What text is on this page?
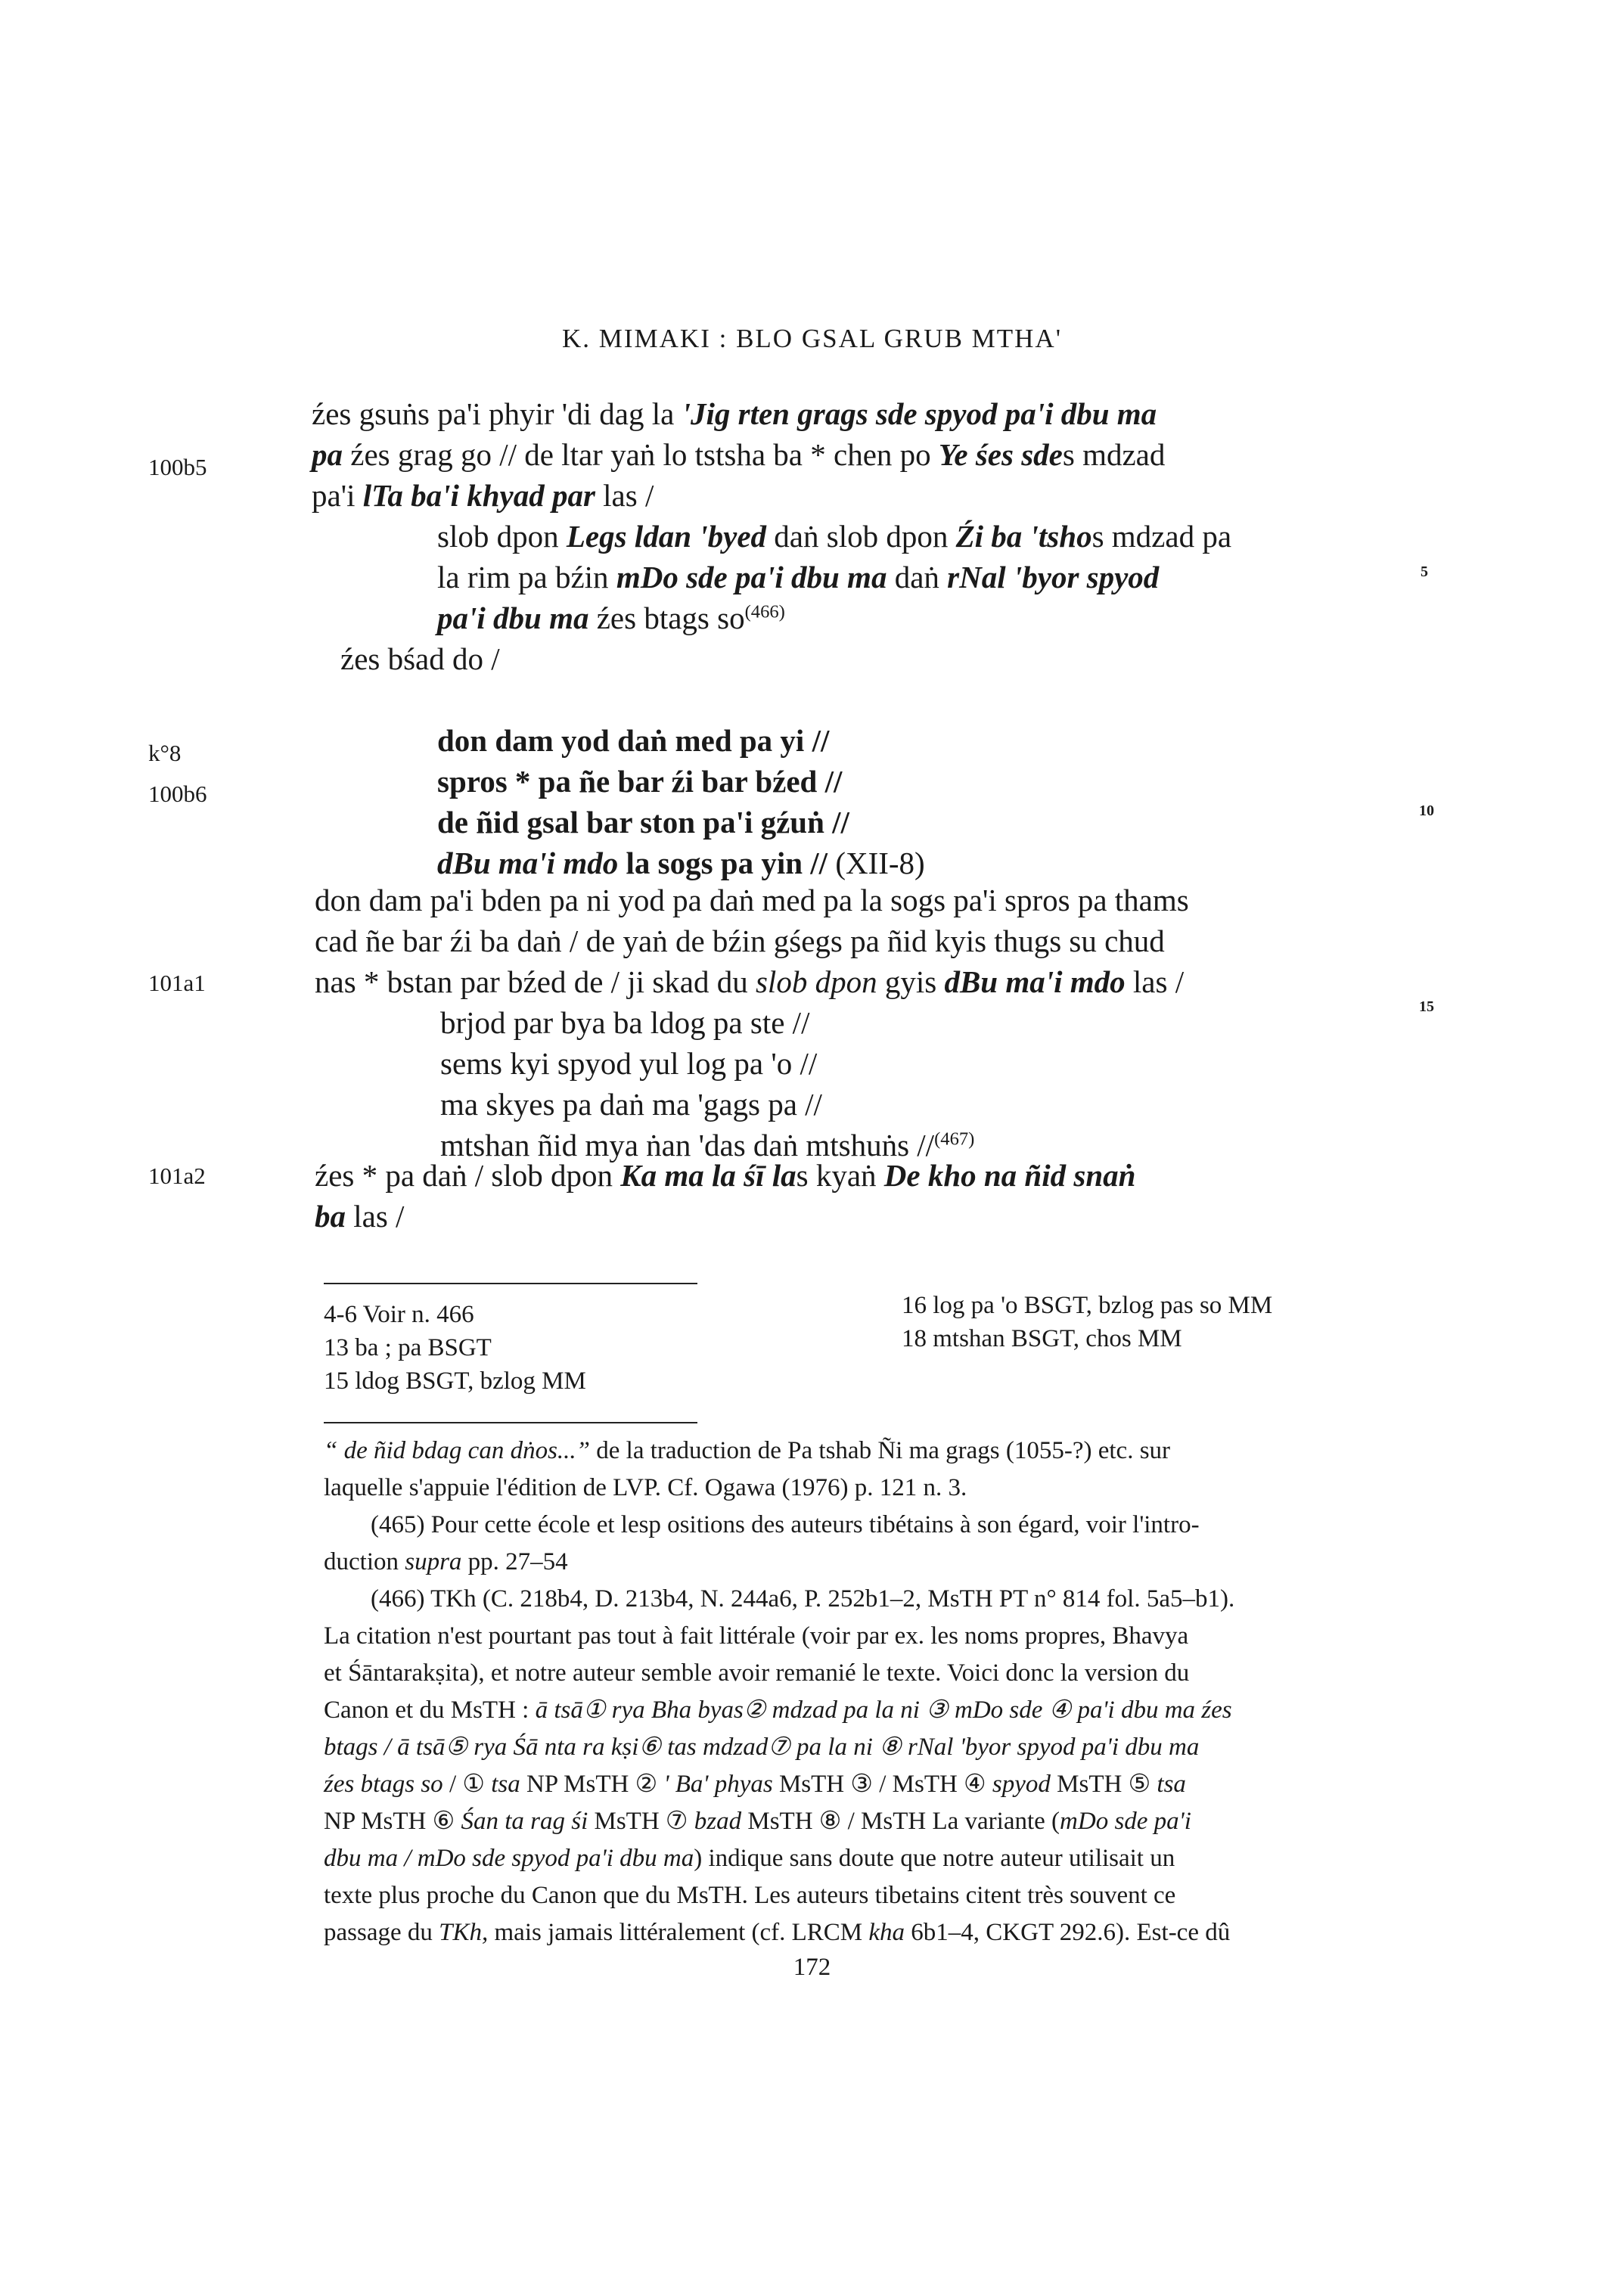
K. MIMAKI : BLO GSAL GRUB MTHA'
100b5
k°8
100b6
101a1
101a2
5
10
15
źes gsuṅs pa'i phyir 'di dag la 'Jig rten grags sde spyod pa'i dbu ma
pa źes grag go // de ltar yaṅ lo tstsha ba * chen po Ye śes sdes mdzad
pa'i lTa ba'i khyad par las /
slob dpon Legs ldan 'byed daṅ slob dpon Źi ba 'tshos mdzad pa
la rim pa bźin mDo sde pa'i dbu ma daṅ rNal 'byor spyod
pa'i dbu ma źes btags $so^{(466)}$
źes bśad do /
don dam yod daṅ med pa yi //
spros * pa ñe bar źi bar bźed //
de ñid gsal bar ston pa'i gźuṅ //
dBu ma'i mdo la sogs pa yin // (XII-8)
don dam pa'i bden pa ni yod pa daṅ med pa la sogs pa'i spros pa thams
cad ñe bar źi ba daṅ / de yaṅ de bźin gśegs pa ñid kyis thugs su chud
nas * bstan par bźed de / ji skad du slob dpon gyis dBu ma'i mdo las /
brjod par bya ba ldog pa ste //
sems kyi spyod yul log pa 'o //
ma skyes pa daṅ ma 'gags pa //
mtshan ñid mya ṅan 'das daṅ mtshuṅs //$^{(467)}$
źes * pa daṅ / slob dpon Ka ma la śī las kyaṅ De kho na ñid snaṅ
ba las /
4-6 Voir n. 466
13 ba ; pa BSGT
15 ldog BSGT, bzlog MM
16 log pa 'o BSGT, bzlog pas so MM
18 mtshan BSGT, chos MM
“ de ñid bdag can dṅos...” de la traduction de Pa tshab Ñi ma grags (1055-?) etc. sur
laquelle s'appuie l'édition de LVP. Cf. Ogawa (1976) p. 121 n. 3.
(465) Pour cette école et lesp ositions des auteurs tibétains à son égard, voir l'intro-
duction supra pp. 27–54
(466) TKh (C. 218b4, D. 213b4, N. 244a6, P. 252b1–2, MsTH PT n° 814 fol. 5a5–b1).
La citation n'est pourtant pas tout à fait littérale (voir par ex. les noms propres, Bhavya
et Śāntarakṣita), et notre auteur semble avoir remanié le texte. Voici donc la version du
Canon et du MsTH : ā tsā① rya Bha byas② mdzad pa la ni ③ mDo sde ④ pa'i dbu ma źes
btags / ā tsā⑤ rya Śā nta ra kṣi⑥ tas mdzad⑦ pa la ni ⑧ rNal 'byor spyod pa'i dbu ma
źes btags so / ① tsa NP MsTH ② ' Ba' phyas MsTH ③ / MsTH ④ spyod MsTH ⑤ tsa
NP MsTH ⑥ Śan ta rag śi MsTH ⑦ bzad MsTH ⑧ / MsTH La variante (mDo sde pa'i
dbu ma / mDo sde spyod pa'i dbu ma) indique sans doute que notre auteur utilisait un
texte plus proche du Canon que du MsTH. Les auteurs tibetains citent très souvent ce
passage du TKh, mais jamais littéralement (cf. LRCM kha 6b1–4, CKGT 292.6). Est-ce dû
172
